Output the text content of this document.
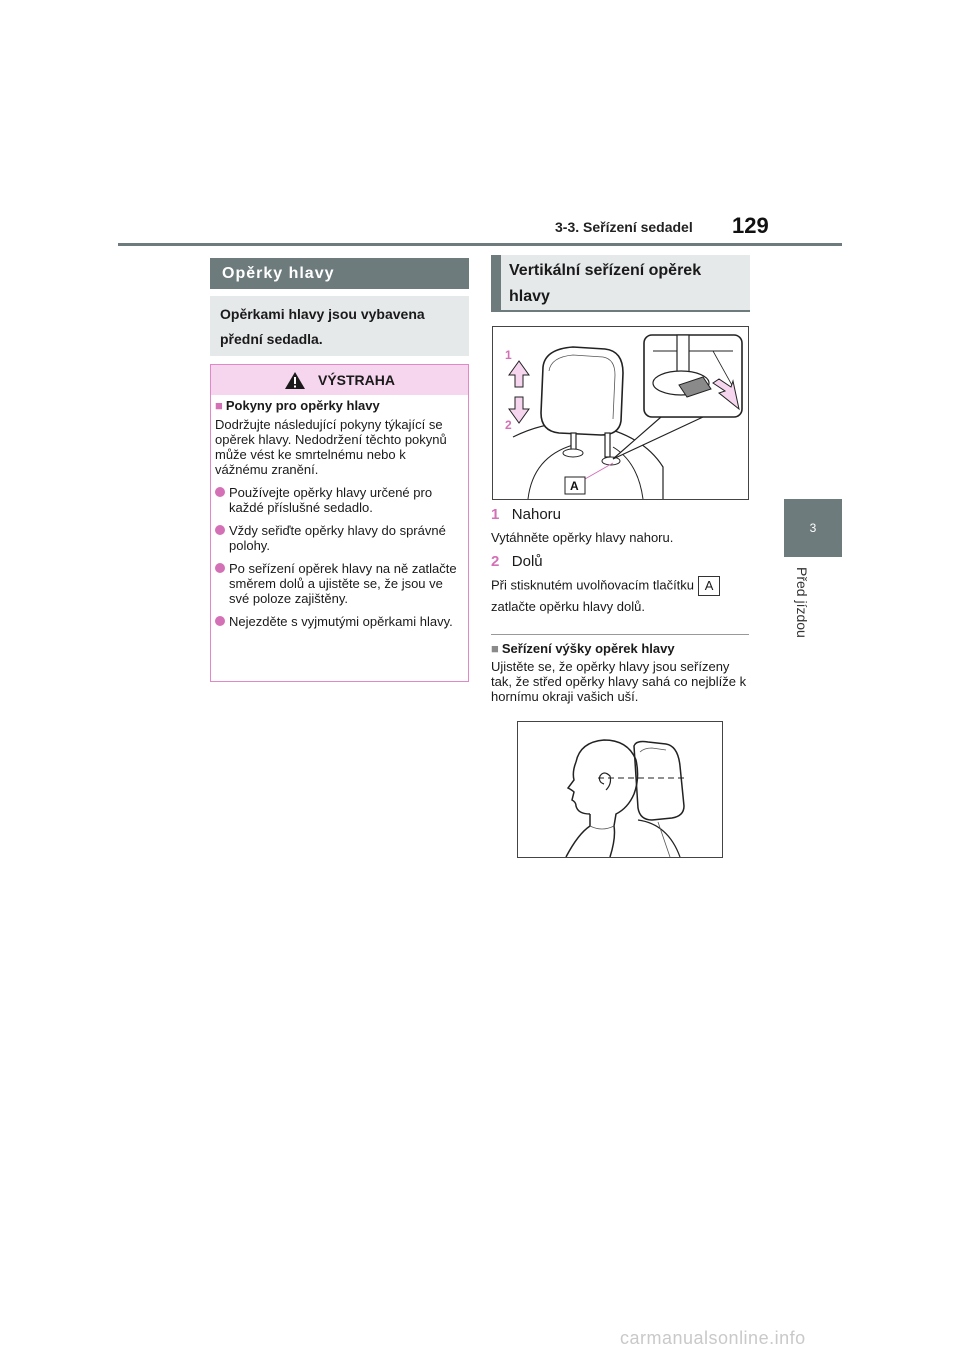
3-3. Seřízení sedadel 129
3
Před jízdou
Opěrky hlavy
Opěrkami hlavy jsou vybavena přední sedadla.
VÝSTRAHA
■ Pokyny pro opěrky hlavy

Dodržujte následující pokyny týkající se opěrek hlavy. Nedodržení těchto pokynů může vést ke smrtelnému nebo k vážnému zranění.

Používejte opěrky hlavy určené pro každé příslušné sedadlo.
Vždy seřiďte opěrky hlavy do správné polohy.
Po seřízení opěrek hlavy na ně zatlačte směrem dolů a ujistěte se, že jsou ve své poloze zajištěny.
Nejezděte s vyjmutými opěrkami hlavy.
Vertikální seřízení opěrek hlavy
1
2
A
1 Nahoru
Vytáhněte opěrky hlavy nahoru.
2 Dolů
Při stisknutém uvolňovacím tlačítku A
zatlačte opěrku hlavy dolů.
■ Seřízení výšky opěrek hlavy
Ujistěte se, že opěrky hlavy jsou seřízeny tak, že střed opěrky hlavy sahá co nejblíže k hornímu okraji vašich uší.
carmanualsonline.info
